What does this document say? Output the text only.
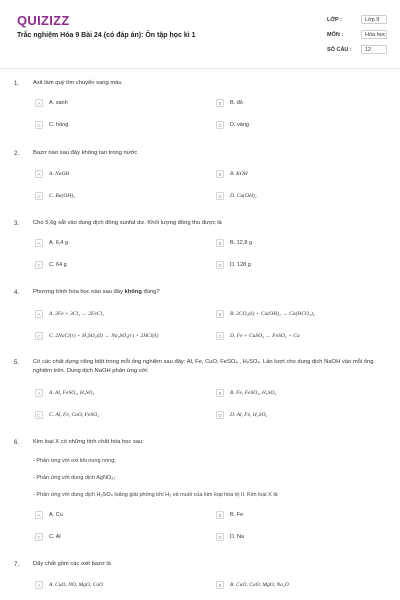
QUIZIZZ
Trắc nghiệm Hóa 9 Bài 24 (có đáp án): Ôn tập học kì 1
LỚP :	Lớp 9
MÔN :	Hóa học
SỐ CÂU :	12
1. Axit làm quỳ tím chuyển sang màu
A	A. xanh	B	B. đỏ
C	C. hồng	D	D. vàng
2. Bazơ nào sau đây không tan trong nước
A	A. NaOH	B	B. KOH
C	C. Ba(OH)₂	D	D. Cu(OH)₂
3. Cho 5,6g sắt vào dung dịch đồng sunfat dư. Khối lượng đồng thu được là
A	A. 6,4 g	B	B. 12,8 g
C	C. 64 g	D	D. 128 g
4. Phương trình hóa học nào sau đây không đúng?
A	A. 2Fe + 3Cl₂ → 2FeCl₃	B	B. 2CO₂(k) + Ca(OH)₂ → Ca(HCO₃)₂
C	C. 2NaCl(r) + H₂SO₄(đ) → Na₂SO₄(r) + 2HCl(k)	D	D. Fe + CuSO₄ → FeSO₄ + Cu
5. Có các chất dựng riêng biệt trong mỗi ống nghiệm sau đây: Al, Fe, CuO, FeSO₄ , H₂SO₄. Lần lượt cho dung dịch NaOH vào mỗi ống nghiệm trên. Dung dịch NaOH phản ứng với:
A	A. Al, FeSO₄, H₂SO₄	B	B. Fe, FeSO₄, H₂SO₄
C	C. Al, Fe, CuO, FeSO₄	D	D. Al, Fe, H₂SO₄
6. Kim loại X có những tính chất hóa học sau:
- Phản ứng với oxi khi nung nóng;
- Phản ứng với dung dịch AgNO₃;
- Phản ứng với dung dịch H₂SO₄ loãng giải phóng khí H₂ và muối của kim loại hóa trị II. Kim loại X là
A	A. Cu	B	B. Fe
C	C. Al	D	D. Na
7. Dãy chất gồm các oxit bazơ là
A	A. CuO, NO, MgO, CaO	B	B. CuO, CaO, MgO, Na₂O
